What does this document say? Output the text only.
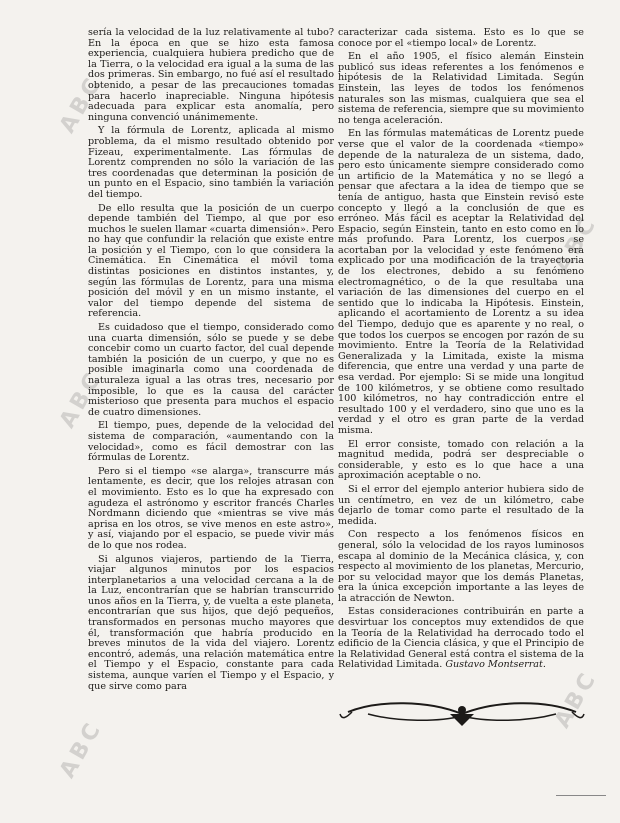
ABC
ABC
ABC
ABC
ABC

sería la velocidad de la luz relativamente al tubo? En la época en que se hizo esta famosa experiencia, cualquiera hubiera predicho que de la Tierra, o la velocidad era igual a la suma de las dos primeras. Sin embargo, no fué así el resultado obtenido, a pesar de las precauciones tomadas para hacerlo inapreciable. Ninguna hipótesis adecuada para explicar esta anomalía, pero ninguna convenció unánimemente.

Y la fórmula de Lorentz, aplicada al mismo problema, da el mismo resultado obtenido por Fizeau, experimentalmente. Las fórmulas de Lorentz comprenden no sólo la variación de las tres coordenadas que determinan la posición de un punto en el Espacio, sino también la variación del tiempo.

De ello resulta que la posición de un cuerpo depende también del Tiempo, al que por eso muchos le suelen llamar «cuarta dimensión». Pero no hay que confundir la relación que existe entre la posición y el Tiempo, con lo que considera la Cinemática. En Cinemática el móvil toma distintas posiciones en distintos instantes, y, según las fórmulas de Lorentz, para una misma posición del móvil y en un mismo instante, el valor del tiempo depende del sistema de referencia.

Es cuidadoso que el tiempo, considerado como una cuarta dimensión, sólo se puede y se debe concebir como un cuarto factor, del cual depende también la posición de un cuerpo, y que no es posible imaginarla como una coordenada de naturaleza igual a las otras tres, necesario por imposible, lo que es la causa del carácter misterioso que presenta para muchos el espacio de cuatro dimensiones.

El tiempo, pues, depende de la velocidad del sistema de comparación, «aumentando con la velocidad», como es fácil demostrar con las fórmulas de Lorentz.

Pero si el tiempo «se alarga», transcurre más lentamente, es decir, que los relojes atrasan con el movimiento. Esto es lo que ha expresado con agudeza el astrónomo y escritor francés Charles Nordmann diciendo que «mientras se vive más aprisa en los otros, se vive menos en este astro», y así, viajando por el espacio, se puede vivir más de lo que nos rodea.

Si algunos viajeros, partiendo de la Tierra, viajar algunos minutos por los espacios interplanetarios a una velocidad cercana a la de la Luz, encontrarían que se habrían transcurrido unos años en la Tierra, y, de vuelta a este planeta, encontrarían que sus hijos, que dejó pequeños, transformados en personas mucho mayores que él, transformación que habría producido en breves minutos de la vida del viajero. Lorentz encontró, además, una relación matemática entre el Tiempo y el Espacio, constante para cada sistema, aunque varíen el Tiempo y el Espacio, y que sirve como para

caracterizar cada sistema. Esto es lo que se conoce por el «tiempo local» de Lorentz.

En el año 1905, el físico alemán Einstein publicó sus ideas referentes a los fenómenos e hipótesis de la Relatividad Limitada. Según Einstein, las leyes de todos los fenómenos naturales son las mismas, cualquiera que sea el sistema de referencia, siempre que su movimiento no tenga aceleración.

En las fórmulas matemáticas de Lorentz puede verse que el valor de la coordenada «tiempo» depende de la naturaleza de un sistema, dado, pero esto únicamente siempre considerado como un artificio de la Matemática y no se llegó a pensar que afectara a la idea de tiempo que se tenía de antiguo, hasta que Einstein revisó este concepto y llegó a la conclusión de que es erróneo. Más fácil es aceptar la Relatividad del Espacio, según Einstein, tanto en esto como en lo más profundo. Para Lorentz, los cuerpos se acortaban por la velocidad y este fenómeno era explicado por una modificación de la trayectoria de los electrones, debido a su fenómeno electromagnético, o de la que resultaba una variación de las dimensiones del cuerpo en el sentido que lo indicaba la Hipótesis. Einstein, aplicando el acortamiento de Lorentz a su idea del Tiempo, dedujo que es aparente y no real, o que todos los cuerpos se encogen por razón de su movimiento. Entre la Teoría de la Relatividad Generalizada y la Limitada, existe la misma diferencia, que entre una verdad y una parte de esa verdad. Por ejemplo: Si se mide una longitud de 100 kilómetros, y se obtiene como resultado 100 kilómetros, no hay contradicción entre el resultado 100 y el verdadero, sino que uno es la verdad y el otro es gran parte de la verdad misma.

El error consiste, tomado con relación a la magnitud medida, podrá ser despreciable o considerable, y esto es lo que hace a una aproximación aceptable o no.

Si el error del ejemplo anterior hubiera sido de un centímetro, en vez de un kilómetro, cabe dejarlo de tomar como parte el resultado de la medida.

Con respecto a los fenómenos físicos en general, sólo la velocidad de los rayos luminosos escapa al dominio de la Mecánica clásica, y, con respecto al movimiento de los planetas, Mercurio, por su velocidad mayor que los demás Planetas, era la única excepción importante a las leyes de la atracción de Newton.

Estas consideraciones contribuirán en parte a desvirtuar los conceptos muy extendidos de que la Teoría de la Relatividad ha derrocado todo el edificio de la Ciencia clásica, y que el Principio de la Relatividad General está contra el sistema de la Relatividad Limitada. Gustavo Montserrat.
